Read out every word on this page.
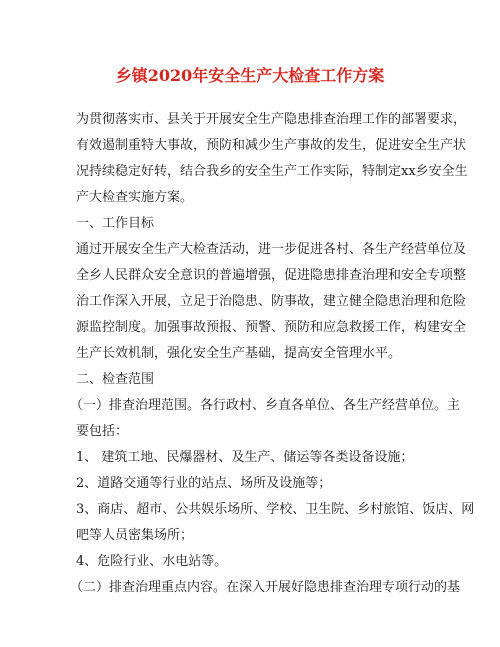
乡镇2020年安全生产大检查工作方案
为贯彻落实市、县关于开展安全生产隐患排查治理工作的部署要求，
有效遏制重特大事故，预防和减少生产事故的发生，促进安全生产状
况持续稳定好转，结合我乡的安全生产工作实际，特制定xx乡安全生
产大检查实施方案。
一、工作目标
通过开展安全生产大检查活动，进一步促进各村、各生产经营单位及
全乡人民群众安全意识的普遍增强，促进隐患排查治理和安全专项整
治工作深入开展，立足于治隐患、防事故，建立健全隐患治理和危险
源监控制度。加强事故预报、预警、预防和应急救援工作，构建安全
生产长效机制，强化安全生产基础，提高安全管理水平。
二、检查范围
（一）排查治理范围。各行政村、乡直各单位、各生产经营单位。主
要包括：
1、 建筑工地、民爆器材、及生产、储运等各类设备设施；
2、道路交通等行业的站点、场所及设施等；
3、商店、超市、公共娱乐场所、学校、卫生院、乡村旅馆、饭店、网
吧等人员密集场所；
4、危险行业、水电站等。
（二）排查治理重点内容。在深入开展好隐患排查治理专项行动的基
